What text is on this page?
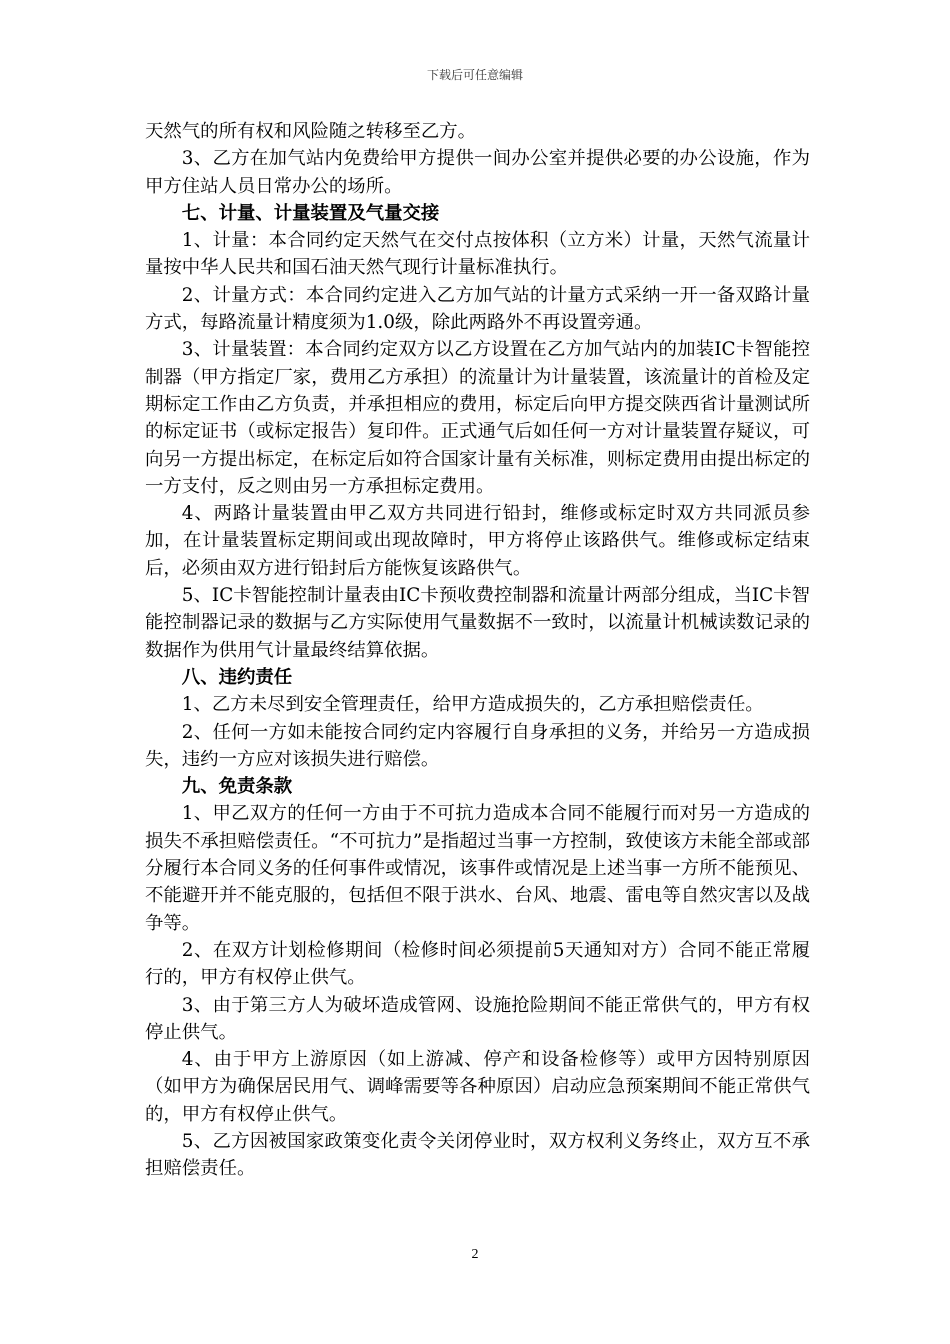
下载后可任意编辑

天然气的所有权和风险随之转移至乙方。

3、乙方在加气站内免费给甲方提供一间办公室并提供必要的办公设施，作为甲方住站人员日常办公的场所。

七、计量、计量装置及气量交接

1、计量：本合同约定天然气在交付点按体积（立方米）计量，天然气流量计量按中华人民共和国石油天然气现行计量标准执行。

2、计量方式：本合同约定进入乙方加气站的计量方式采纳一开一备双路计量方式，每路流量计精度须为1.0级，除此两路外不再设置旁通。

3、计量装置：本合同约定双方以乙方设置在乙方加气站内的加装IC卡智能控制器（甲方指定厂家，费用乙方承担）的流量计为计量装置，该流量计的首检及定期标定工作由乙方负责，并承担相应的费用，标定后向甲方提交陕西省计量测试所的标定证书（或标定报告）复印件。正式通气后如任何一方对计量装置存疑议，可向另一方提出标定，在标定后如符合国家计量有关标准，则标定费用由提出标定的一方支付，反之则由另一方承担标定费用。

4、两路计量装置由甲乙双方共同进行铅封，维修或标定时双方共同派员参加，在计量装置标定期间或出现故障时，甲方将停止该路供气。维修或标定结束后，必须由双方进行铅封后方能恢复该路供气。

5、IC卡智能控制计量表由IC卡预收费控制器和流量计两部分组成，当IC卡智能控制器记录的数据与乙方实际使用气量数据不一致时，以流量计机械读数记录的数据作为供用气计量最终结算依据。

八、违约责任

1、乙方未尽到安全管理责任，给甲方造成损失的，乙方承担赔偿责任。

2、任何一方如未能按合同约定内容履行自身承担的义务，并给另一方造成损失，违约一方应对该损失进行赔偿。

九、免责条款

1、甲乙双方的任何一方由于不可抗力造成本合同不能履行而对另一方造成的损失不承担赔偿责任。“不可抗力”是指超过当事一方控制，致使该方未能全部或部分履行本合同义务的任何事件或情况，该事件或情况是上述当事一方所不能预见、不能避开并不能克服的，包括但不限于洪水、台风、地震、雷电等自然灾害以及战争等。

2、在双方计划检修期间（检修时间必须提前5天通知对方）合同不能正常履行的，甲方有权停止供气。

3、由于第三方人为破坏造成管网、设施抢险期间不能正常供气的，甲方有权停止供气。

4、由于甲方上游原因（如上游减、停产和设备检修等）或甲方因特别原因（如甲方为确保居民用气、调峰需要等各种原因）启动应急预案期间不能正常供气的，甲方有权停止供气。

5、乙方因被国家政策变化责令关闭停业时，双方权利义务终止，双方互不承担赔偿责任。

2
